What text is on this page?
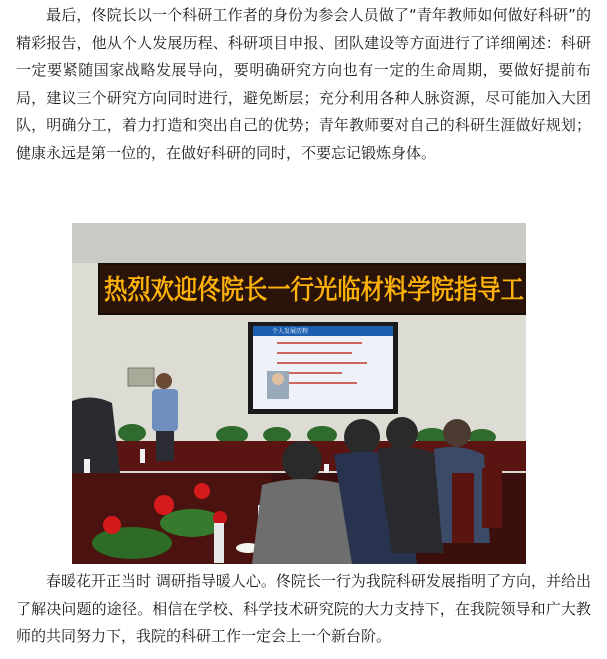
最后，佟院长以一个科研工作者的身份为参会人员做了“青年教师如何做好科研”的精彩报告，他从个人发展历程、科研项目申报、团队建设等方面进行了详细阐述：科研一定要紧随国家战略发展导向，要明确研究方向也有一定的生命周期，要做好提前布局，建议三个研究方向同时进行，避免断层；充分利用各种人脉资源，尽可能加入大团队，明确分工，着力打造和突出自己的优势；青年教师要对自己的科研生涯做好规划；健康永远是第一位的，在做好科研的同时，不要忘记锻炼身体。

热烈欢迎佟院长一行光临材料学院指导工
个人发展历程

春暖花开正当时 调研指导暖人心。佟院长一行为我院科研发展指明了方向，并给出了解决问题的途径。相信在学校、科学技术研究院的大力支持下，在我院领导和广大教师的共同努力下，我院的科研工作一定会上一个新台阶。
